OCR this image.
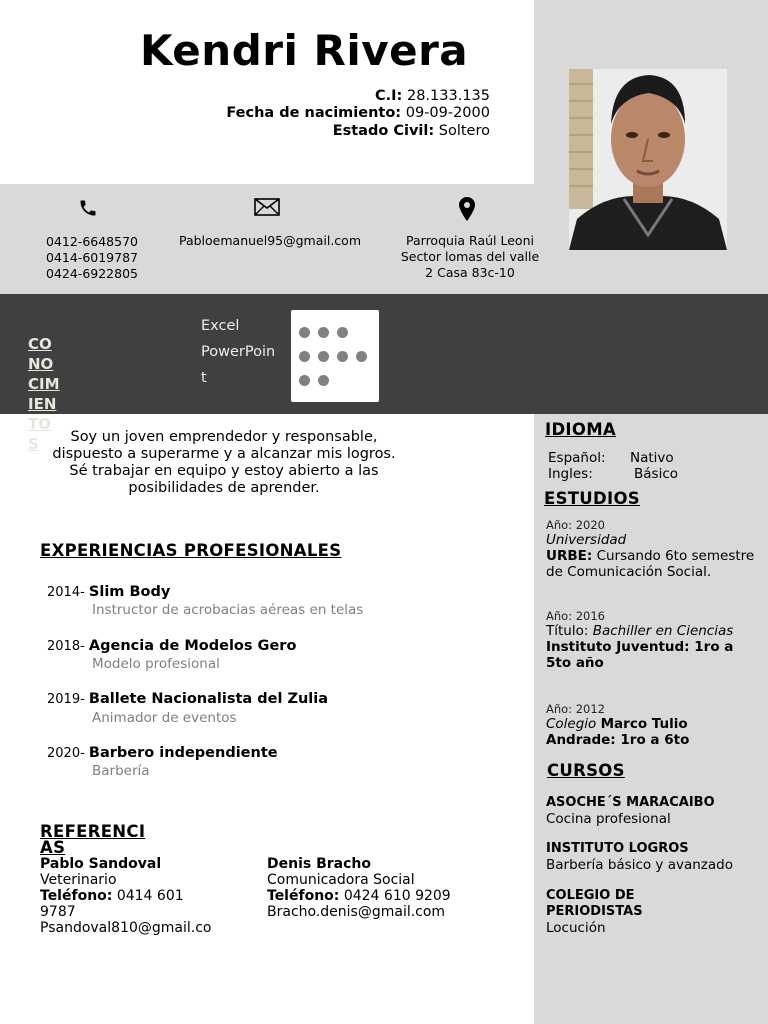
Kendri Rivera
C.I: 28.133.135
Fecha de nacimiento: 09-09-2000
Estado Civil: Soltero
0412-6648570
0414-6019787
0424-6922805
Pabloemanuel95@gmail.com	Parroquia Raúl Leoni
Sector lomas del valle
2 Casa 83c-10
CONOCIMIENTOS
Excel
PowerPoin
t
Soy un joven emprendedor y responsable, dispuesto a superarme y a alcanzar mis logros. Sé trabajar en equipo y estoy abierto a las posibilidades de aprender.
EXPERIENCIAS PROFESIONALES
2014- Slim Body
Instructor de acrobacias aéreas en telas
2018- Agencia de Modelos Gero
Modelo profesional
2019- Ballete Nacionalista del Zulia
Animador de eventos
2020- Barbero independiente
Barbería
REFERENCI
AS
Pablo Sandoval
Veterinario
Teléfono: 0414 601
9787
Psandoval810@gmail.co
Denis Bracho
Comunicadora Social
Teléfono: 0424 610 9209
Bracho.denis@gmail.com
IDIOMA
Español: Nativo
Ingles:	Básico
ESTUDIOS
Año: 2020
Universidad
URBE: Cursando 6to semestre de Comunicación Social.
Año: 2016
Título: Bachiller en Ciencias
Instituto Juventud: 1ro a 5to año
Año: 2012
Colegio Marco Tulio Andrade: 1ro a 6to
CURSOS
ASOCHE´S MARACAIBO
Cocina profesional
INSTITUTO LOGROS
Barbería básico y avanzado
COLEGIO DE PERIODISTAS
Locución
